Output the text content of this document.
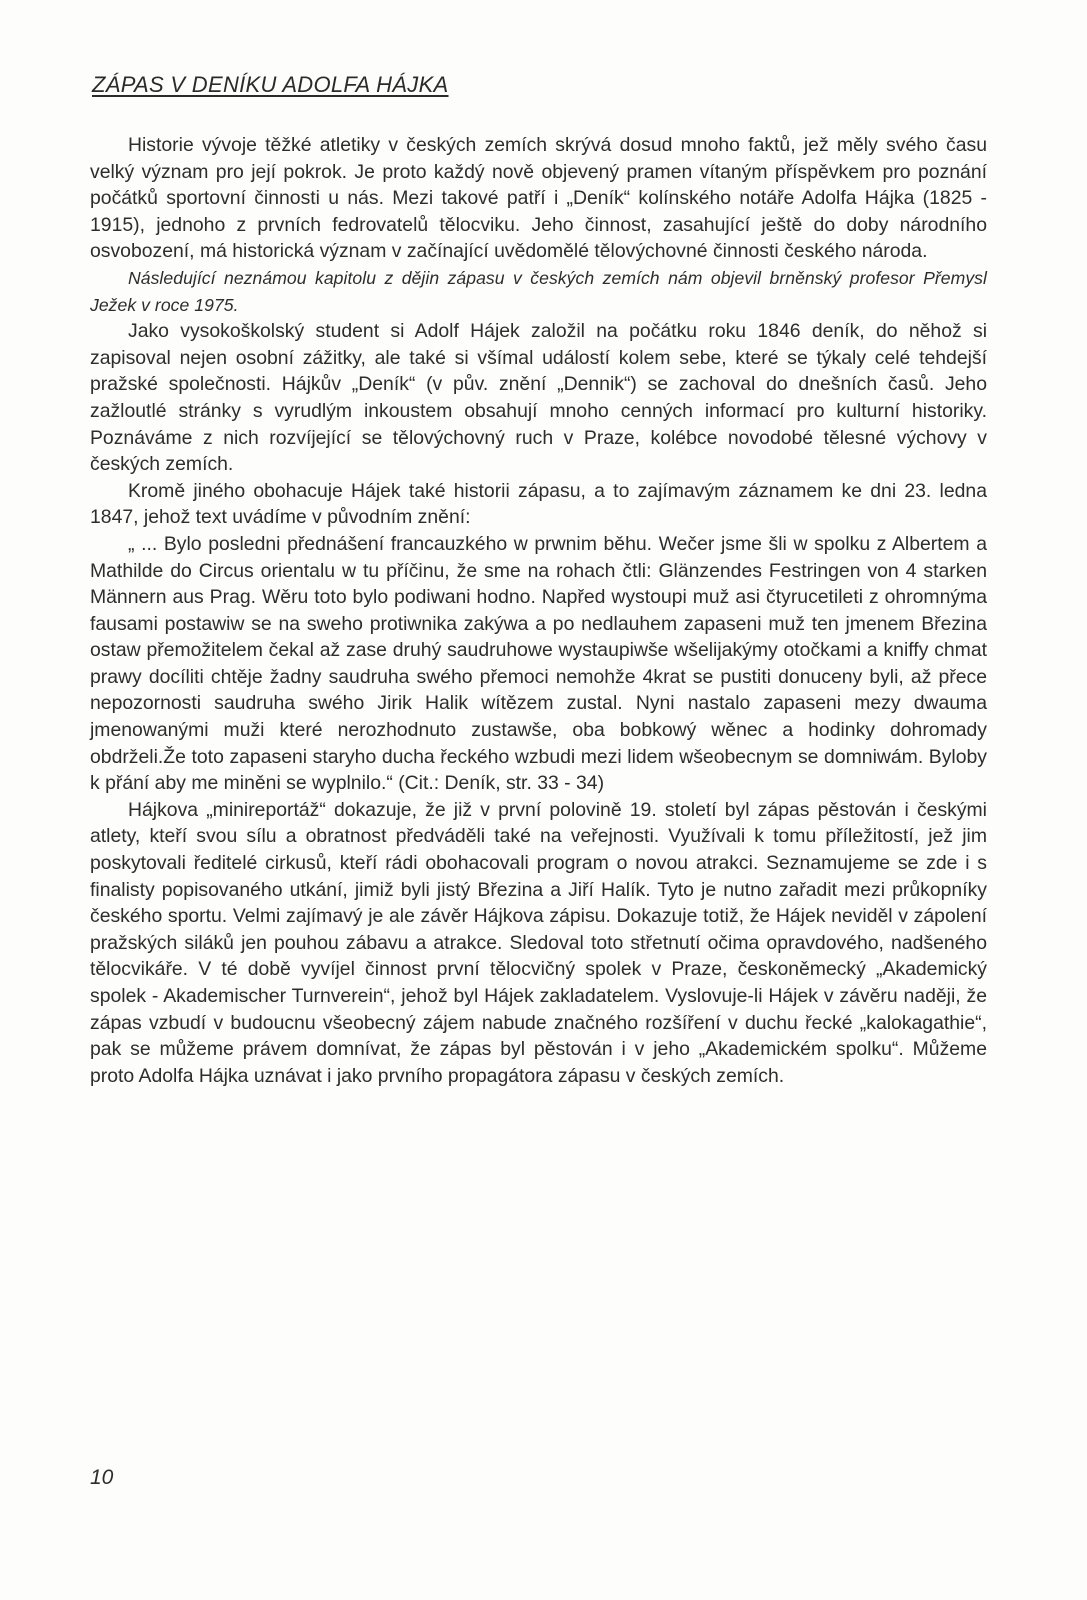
ZÁPAS V DENÍKU ADOLFA HÁJKA

Historie vývoje těžké atletiky v českých zemích skrývá dosud mnoho faktů, jež měly svého času velký význam pro její pokrok. Je proto každý nově objevený pramen vítaným příspěvkem pro poznání počátků sportovní činnosti u nás. Mezi takové patří i „Deník“ kolínského notáře Adolfa Hájka (1825 - 1915), jednoho z prvních fedrovatelů tělocviku. Jeho činnost, zasahující ještě do doby národního osvobození, má historická význam v začínající uvědomělé tělovýchovné činnosti českého národa.

Následující neznámou kapitolu z dějin zápasu v českých zemích nám objevil brněnský profesor Přemysl Ježek v roce 1975.

Jako vysokoškolský student si Adolf Hájek založil na počátku roku 1846 deník, do něhož si zapisoval nejen osobní zážitky, ale také si všímal událostí kolem sebe, které se týkaly celé tehdejší pražské společnosti. Hájkův „Deník“ (v pův. znění „Dennik“) se zachoval do dnešních časů. Jeho zažloutlé stránky s vyrudlým inkoustem obsahují mnoho cenných informací pro kulturní historiky. Poznáváme z nich rozvíjející se tělovýchovný ruch v Praze, kolébce novodobé tělesné výchovy v českých zemích.

Kromě jiného obohacuje Hájek také historii zápasu, a to zajímavým záznamem ke dni 23. ledna 1847, jehož text uvádíme v původním znění:

„ ... Bylo posledni přednášení francauzkého w prwnim běhu. Wečer jsme šli w spolku z Albertem a Mathilde do Circus orientalu w tu příčinu, že sme na rohach čtli: Glänzendes Festringen von 4 starken Männern aus Prag. Wěru toto bylo podiwani hodno. Napřed wystoupi muž asi čtyrucetileti z ohromnýma fausami postawiw se na sweho protiwnika zakýwa a po nedlauhem zapaseni muž ten jmenem Březina ostaw přemožitelem čekal až zase druhý saudruhowe wystaupiwše wšelijakýmy otočkami a kniffy chmat prawy docíliti chtěje žadny saudruha swého přemoci nemohže 4krat se pustiti donuceny byli, až přece nepozornosti saudruha swého Jirik Halik wítězem zustal. Nyni nastalo zapaseni mezy dwauma jmenowanými muži které nerozhodnuto zustawše, oba bobkowý wěnec a hodinky dohromady obdrželi.Že toto zapaseni staryho ducha řeckého wzbudi mezi lidem wšeobecnym se domniwám. Byloby k přání aby me miněni se wyplnilo.“ (Cit.: Deník, str. 33 - 34)

Hájkova „minireportáž“ dokazuje, že již v první polovině 19. století byl zápas pěstován i českými atlety, kteří svou sílu a obratnost předváděli také na veřejnosti. Využívali k tomu příležitostí, jež jim poskytovali ředitelé cirkusů, kteří rádi obohacovali program o novou atrakci. Seznamujeme se zde i s finalisty popisovaného utkání, jimiž byli jistý Březina a Jiří Halík. Tyto je nutno zařadit mezi průkopníky českého sportu. Velmi zajímavý je ale závěr Hájkova zápisu. Dokazuje totiž, že Hájek neviděl v zápolení pražských siláků jen pouhou zábavu a atrakce. Sledoval toto střetnutí očima opravdového, nadšeného tělocvikáře. V té době vyvíjel činnost první tělocvičný spolek v Praze, českoněmecký „Akademický spolek - Akademischer Turnverein“, jehož byl Hájek zakladatelem. Vyslovuje-li Hájek v závěru naději, že zápas vzbudí v budoucnu všeobecný zájem nabude značného rozšíření v duchu řecké „kalokagathie“, pak se můžeme právem domnívat, že zápas byl pěstován i v jeho „Akademickém spolku“. Můžeme proto Adolfa Hájka uznávat i jako prvního propagátora zápasu v českých zemích.

10
